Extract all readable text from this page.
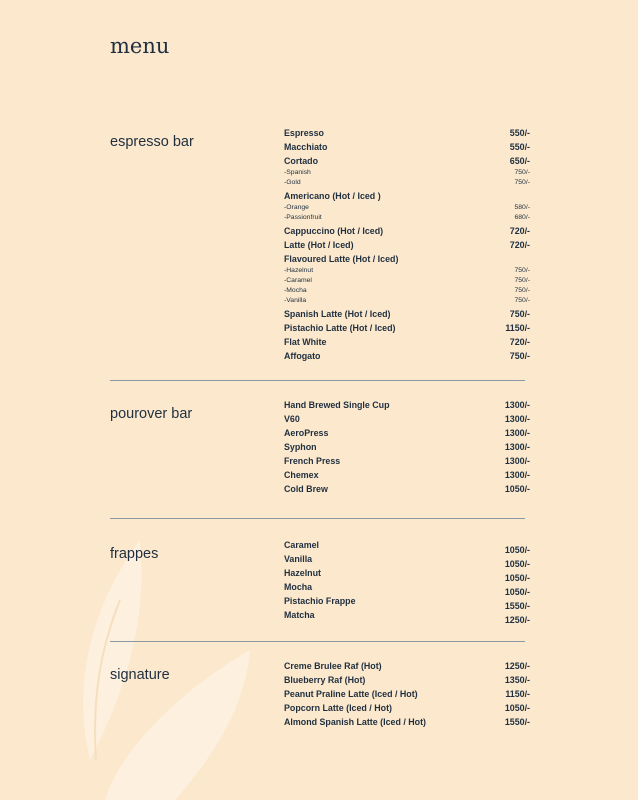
menu
espresso bar
Espresso	550/-
Macchiato	550/-
Cortado	650/-
-Spanish	750/-
-Gold	750/-
Americano (Hot / Iced )
-Orange	580/-
-Passionfruit	680/-
Cappuccino (Hot / Iced)	720/-
Latte (Hot / Iced)	720/-
Flavoured Latte (Hot / Iced)
-Hazelnut	750/-
-Caramel	750/-
-Mocha	750/-
-Vanilla	750/-
Spanish Latte (Hot / Iced)	750/-
Pistachio Latte (Hot / Iced)	1150/-
Flat White	720/-
Affogato	750/-
pourover bar
Hand Brewed Single Cup	1300/-
V60	1300/-
AeroPress	1300/-
Syphon	1300/-
French Press	1300/-
Chemex	1300/-
Cold Brew	1050/-
frappes
Caramel	1050/-
Vanilla	1050/-
Hazelnut	1050/-
Mocha	1050/-
Pistachio Frappe	1550/-
Matcha	1250/-
signature
Creme Brulee Raf (Hot)	1250/-
Blueberry Raf (Hot)	1350/-
Peanut Praline Latte (Iced / Hot)	1150/-
Popcorn Latte (Iced / Hot)	1050/-
Almond Spanish Latte (Iced / Hot)	1550/-
